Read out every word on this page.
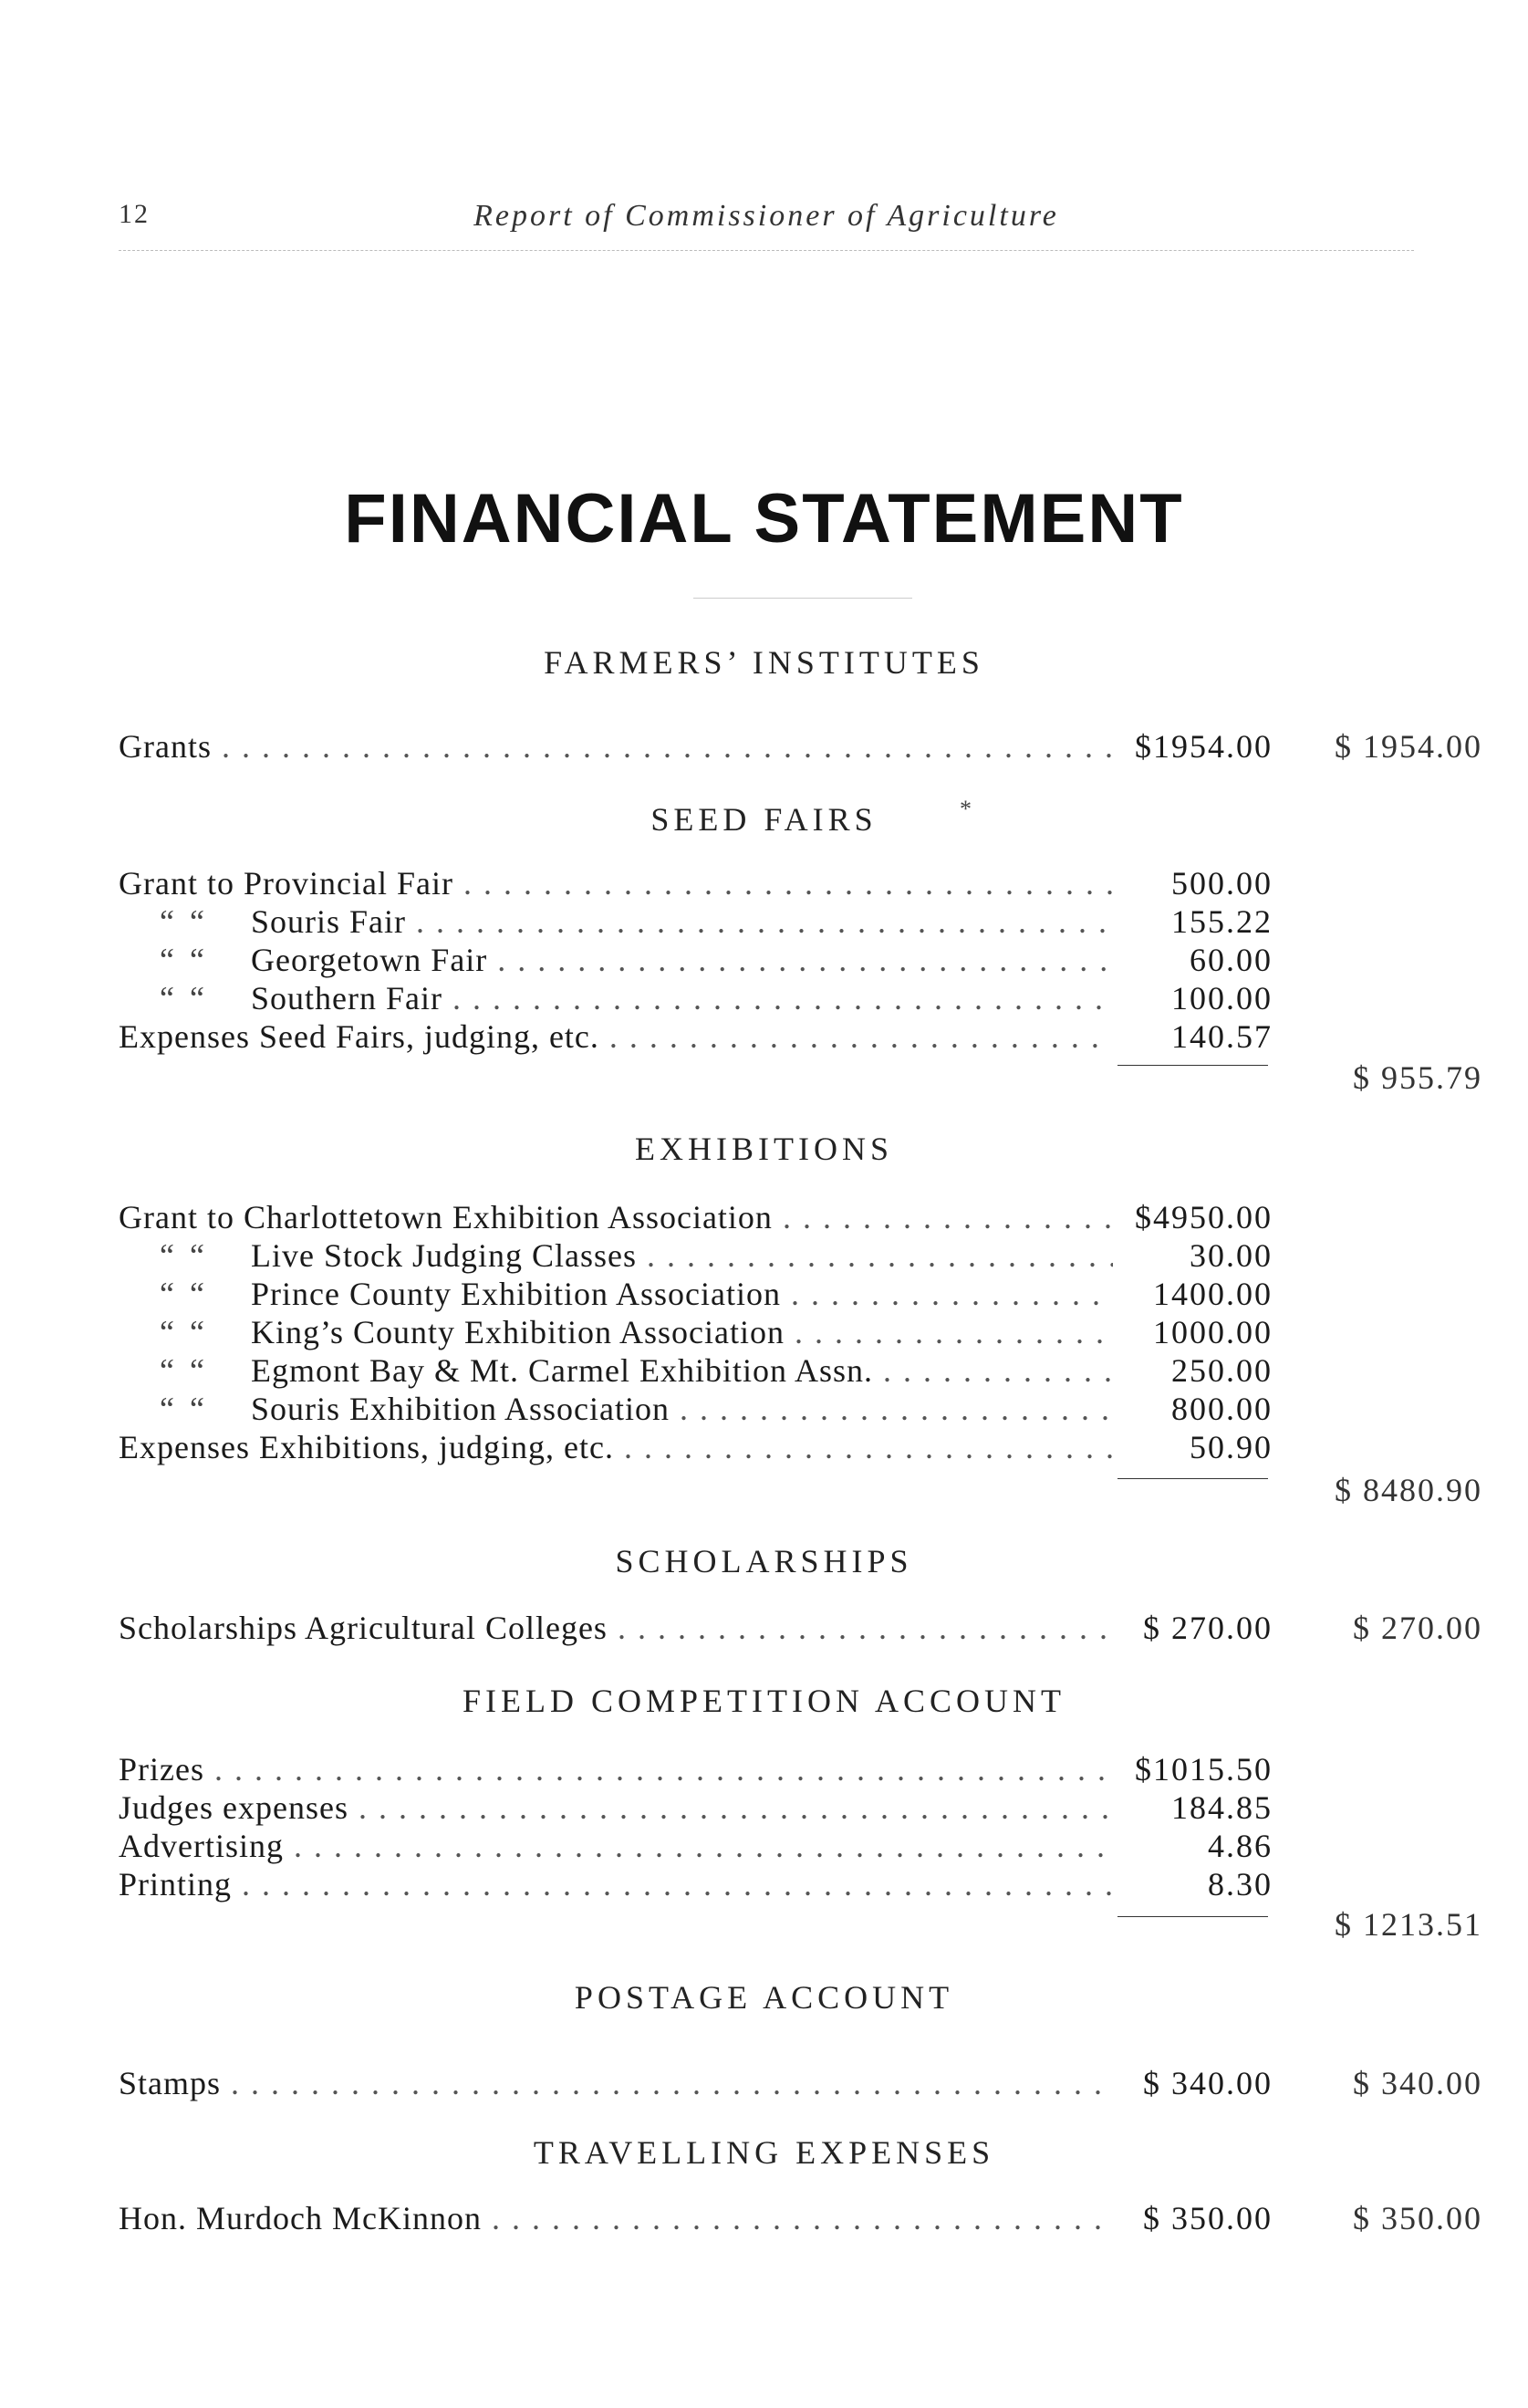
12	Report of Commissioner of Agriculture
FINANCIAL STATEMENT
FARMERS’ INSTITUTES
Grants . . .	$1954.00	$ 1954.00
SEED FAIRS	*
Grant to Provincial Fair . . .	500.00
“ “ Souris Fair . . .	155.22
“ “ Georgetown Fair . . .	60.00
“ “ Southern Fair . . .	100.00
Expenses Seed Fairs, judging, etc. . . .	140.57
$ 955.79
EXHIBITIONS
Grant to Charlottetown Exhibition Association . . .	$4950.00
“ “ Live Stock Judging Classes . . .	30.00
“ “ Prince County Exhibition Association . . .	1400.00
“ “ King’s County Exhibition Association . . .	1000.00
“ “ Egmont Bay & Mt. Carmel Exhibition Assn. . . .	250.00
“ “ Souris Exhibition Association . . .	800.00
Expenses Exhibitions, judging, etc. . . .	50.90
$ 8480.90
SCHOLARSHIPS
Scholarships Agricultural Colleges . . .	$ 270.00	$ 270.00
FIELD COMPETITION ACCOUNT
Prizes . . .	$1015.50
Judges expenses . . .	184.85
Advertising . . .	4.86
Printing . . .	8.30
$ 1213.51
POSTAGE ACCOUNT
Stamps . . .	$ 340.00	$ 340.00
TRAVELLING EXPENSES
Hon. Murdoch McKinnon . . .	$ 350.00	$ 350.00
